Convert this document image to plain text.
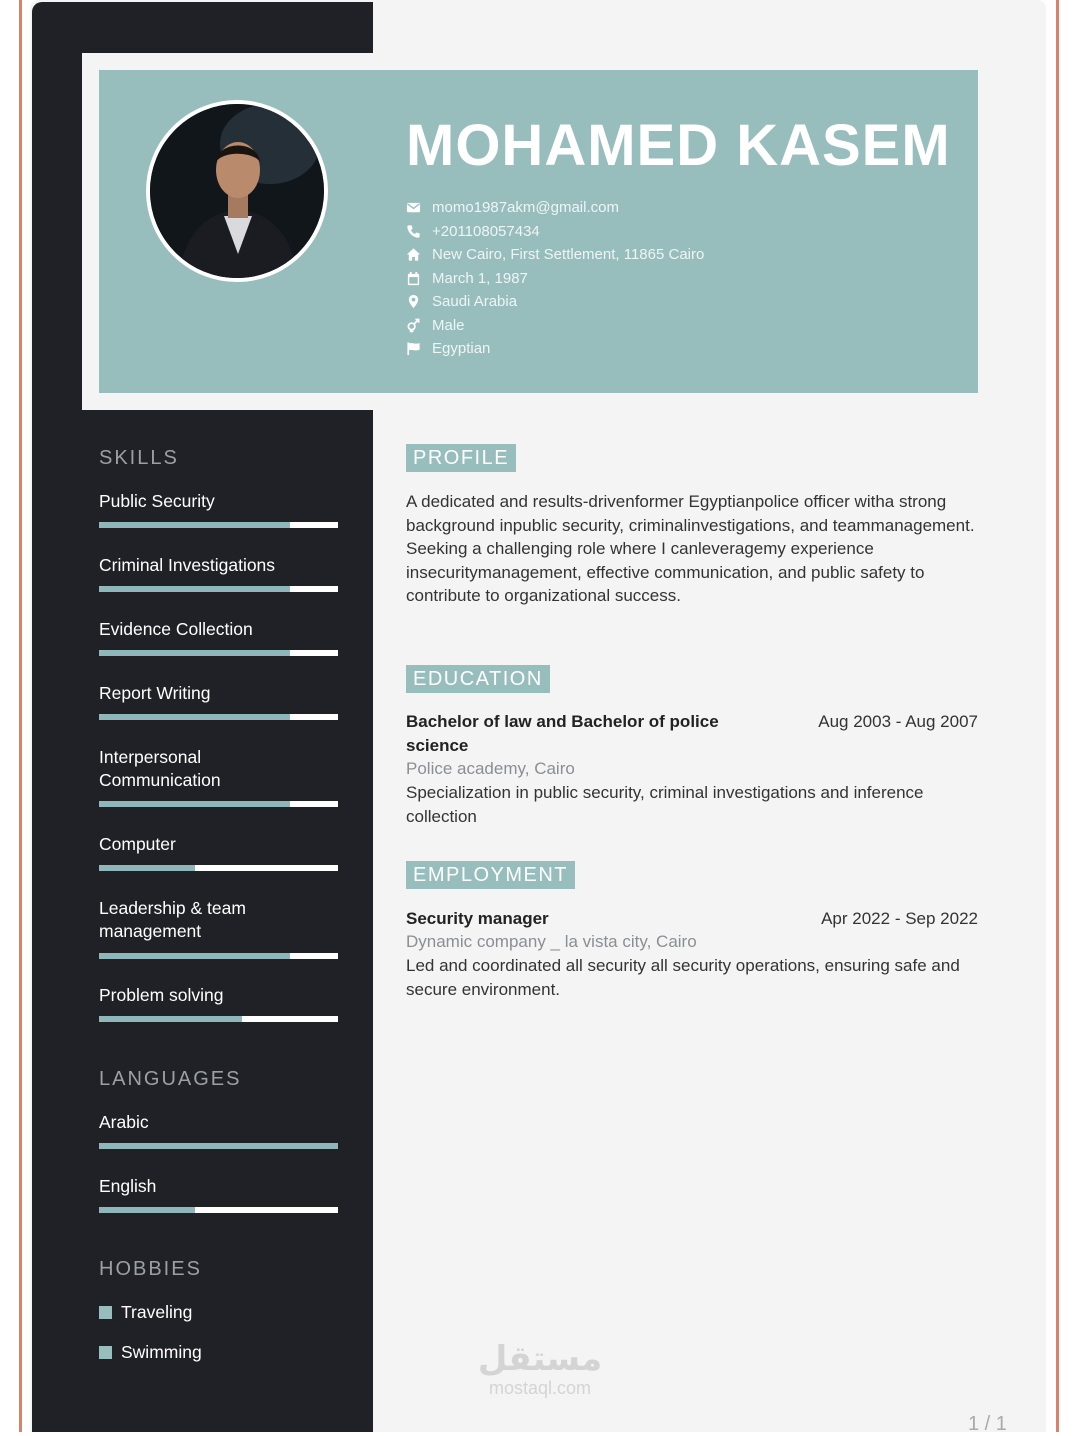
MOHAMED KASEM
momo1987akm@gmail.com
+201108057434
New Cairo, First Settlement, 11865 Cairo
March 1, 1987
Saudi Arabia
Male
Egyptian
SKILLS
Public Security
Criminal Investigations
Evidence Collection
Report Writing
Interpersonal Communication
Computer
Leadership & team management
Problem solving
LANGUAGES
Arabic
English
HOBBIES
Traveling
Swimming
PROFILE

A dedicated and results-drivenformer Egyptianpolice officer witha strong background inpublic security, criminalinvestigations, and teammanagement. Seeking a challenging role where I canleveragemy experience insecuritymanagement, effective communication, and public safety to contribute to organizational success.

EDUCATION
Bachelor of law and Bachelor of police science
Aug 2003 - Aug 2007
Police academy, Cairo
Specialization in public security, criminal investigations and inference collection
EMPLOYMENT
Security manager	Apr 2022 - Sep 2022
Dynamic company _ la vista city, Cairo
Led and coordinated all security all security operations, ensuring safe and secure environment.
مستقل
mostaql.com
1 / 1
